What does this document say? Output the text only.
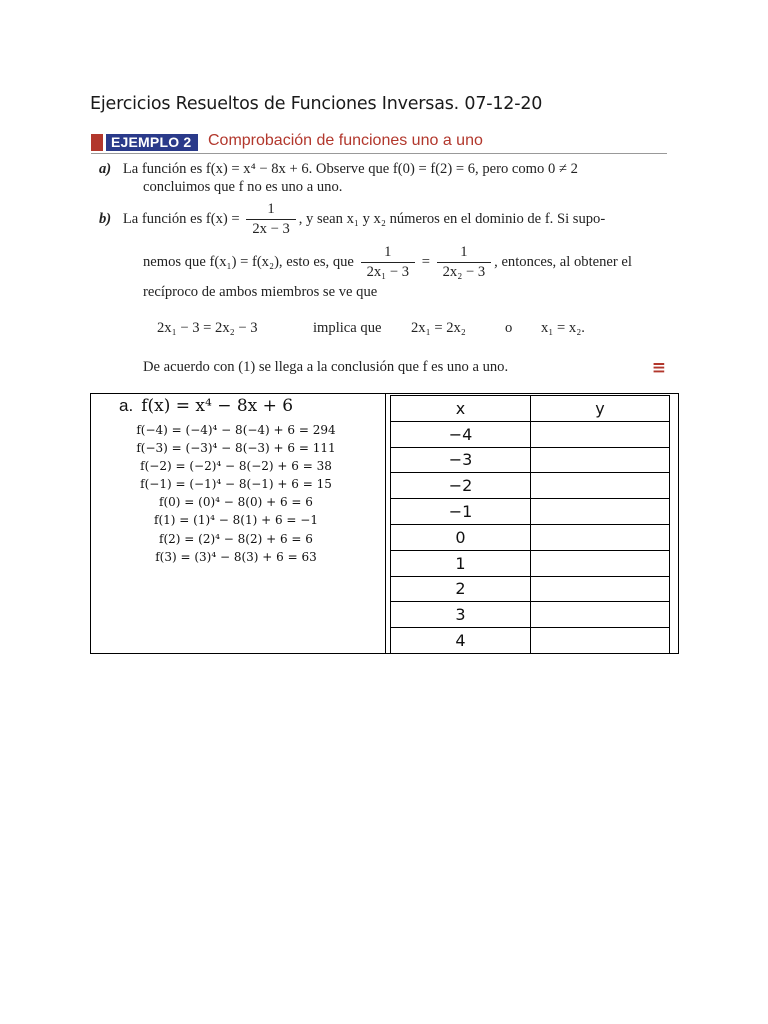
Ejercicios Resueltos de Funciones Inversas. 07-12-20
EJEMPLO 2	Comprobación de funciones uno a uno
a) La función es f(x) = x⁴ − 8x + 6. Observe que f(0) = f(2) = 6, pero como 0 ≠ 2
concluimos que f no es uno a uno.
b) La función es $f(x) = \frac{1}{2x - 3}$ , y sean x₁ y x₂ números en el dominio de f. Si supo-
nemos que f(x₁) = f(x₂), esto es, que $\frac{1}{\text{2x₁ − 3}} = \frac{1}{\text{2x₂ − 3}}$ , entonces, al obtener el
recíproco de ambos miembros se ve que
2x₁ − 3 = 2x₂ − 3	implica que 2x₁ = 2x₂	o x₁ = x₂.
De acuerdo con (1) se llega a la conclusión que f es uno a uno.	≡
a. f(x) = x⁴ − 8x + 6
f(−4) = (−4)⁴ − 8(−4) + 6 = 294
f(−3) = (−3)⁴ − 8(−3) + 6 = 111
f(−2) = (−2)⁴ − 8(−2) + 6 = 38
f(−1) = (−1)⁴ − 8(−1) + 6 = 15
f(0) = (0)⁴ − 8(0) + 6 = 6
f(1) = (1)⁴ − 8(1) + 6 = −1
f(2) = (2)⁴ − 8(2) + 6 = 6
f(3) = (3)⁴ − 8(3) + 6 = 63
x	y
−4	
−3	
−2	
−1	
0	
1	
2	
3	
4	
